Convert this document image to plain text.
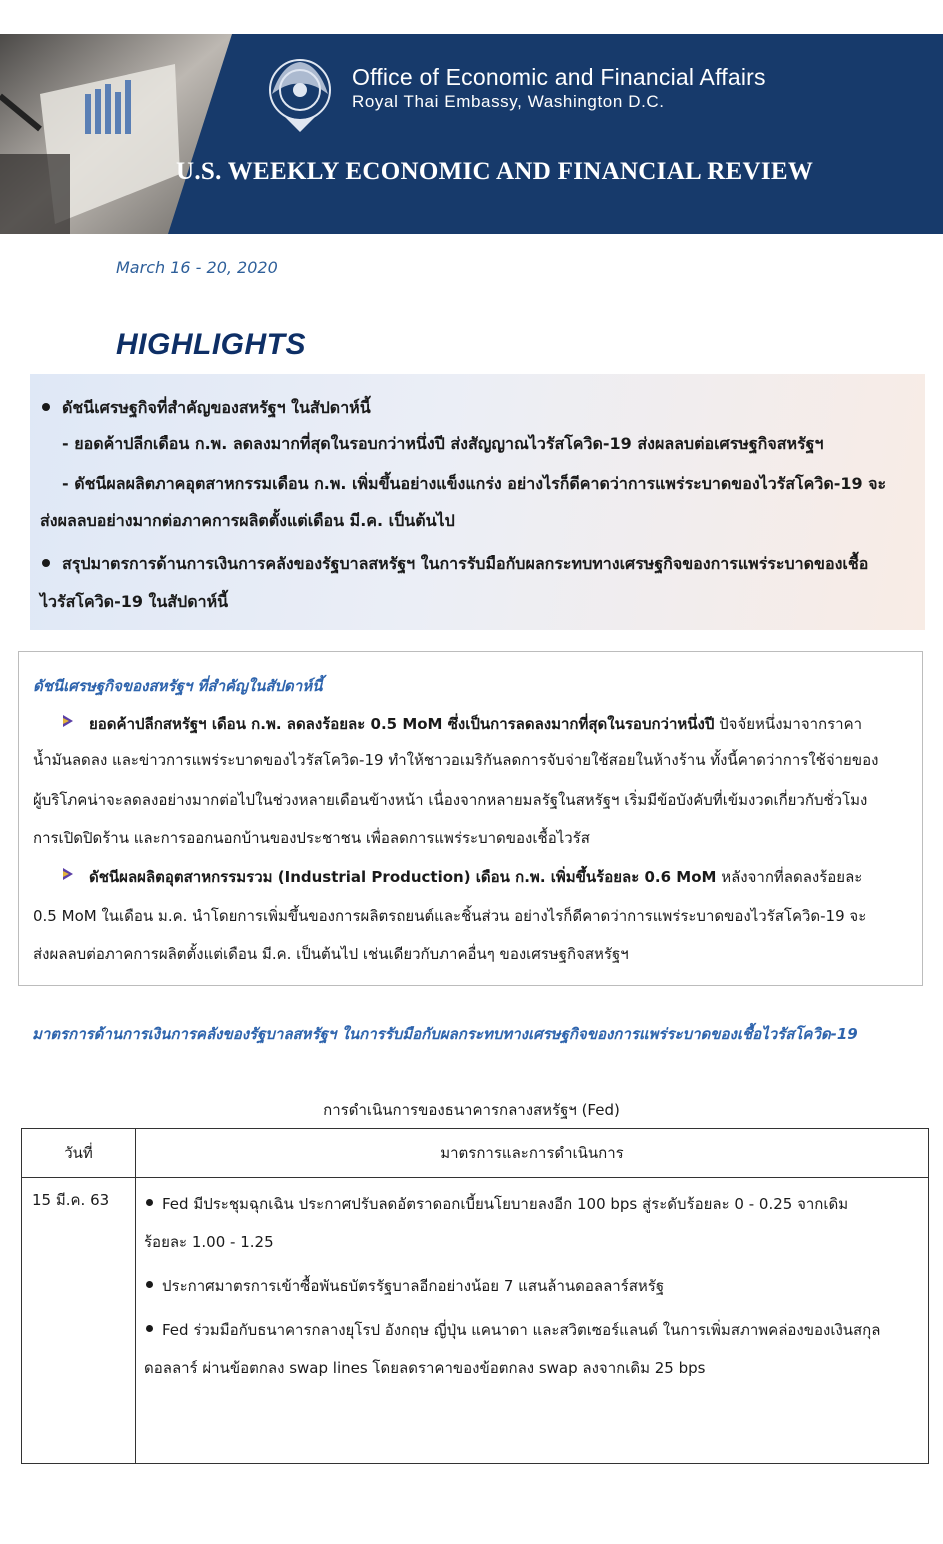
Office of Economic and Financial Affairs
Royal Thai Embassy, Washington D.C.
U.S. WEEKLY ECONOMIC AND FINANCIAL REVIEW
March 16 - 20, 2020
HIGHLIGHTS
ดัชนีเศรษฐกิจที่สำคัญของสหรัฐฯ ในสัปดาห์นี้
- ยอดค้าปลีกเดือน ก.พ. ลดลงมากที่สุดในรอบกว่าหนึ่งปี ส่งสัญญาณไวรัสโควิด-19 ส่งผลลบต่อเศรษฐกิจสหรัฐฯ
- ดัชนีผลผลิตภาคอุตสาหกรรมเดือน ก.พ. เพิ่มขึ้นอย่างแข็งแกร่ง อย่างไรก็ดีคาดว่าการแพร่ระบาดของไวรัสโควิด-19 จะ
ส่งผลลบอย่างมากต่อภาคการผลิตตั้งแต่เดือน มี.ค. เป็นต้นไป
สรุปมาตรการด้านการเงินการคลังของรัฐบาลสหรัฐฯ ในการรับมือกับผลกระทบทางเศรษฐกิจของการแพร่ระบาดของเชื้อ
ไวรัสโควิด-19 ในสัปดาห์นี้
ดัชนีเศรษฐกิจของสหรัฐฯ ที่สำคัญในสัปดาห์นี้
ยอดค้าปลีกสหรัฐฯ เดือน ก.พ. ลดลงร้อยละ 0.5 MoM ซึ่งเป็นการลดลงมากที่สุดในรอบกว่าหนึ่งปี ปัจจัยหนึ่งมาจากราคา
น้ำมันลดลง และข่าวการแพร่ระบาดของไวรัสโควิด-19 ทำให้ชาวอเมริกันลดการจับจ่ายใช้สอยในห้างร้าน ทั้งนี้คาดว่าการใช้จ่ายของ
ผู้บริโภคน่าจะลดลงอย่างมากต่อไปในช่วงหลายเดือนข้างหน้า เนื่องจากหลายมลรัฐในสหรัฐฯ เริ่มมีข้อบังคับที่เข้มงวดเกี่ยวกับชั่วโมง
การเปิดปิดร้าน และการออกนอกบ้านของประชาชน เพื่อลดการแพร่ระบาดของเชื้อไวรัส
ดัชนีผลผลิตอุตสาหกรรมรวม (Industrial Production) เดือน ก.พ. เพิ่มขึ้นร้อยละ 0.6 MoM หลังจากที่ลดลงร้อยละ
0.5 MoM ในเดือน ม.ค. นำโดยการเพิ่มขึ้นของการผลิตรถยนต์และชิ้นส่วน อย่างไรก็ดีคาดว่าการแพร่ระบาดของไวรัสโควิด-19 จะ
ส่งผลลบต่อภาคการผลิตตั้งแต่เดือน มี.ค. เป็นต้นไป เช่นเดียวกับภาคอื่นๆ ของเศรษฐกิจสหรัฐฯ
มาตรการด้านการเงินการคลังของรัฐบาลสหรัฐฯ ในการรับมือกับผลกระทบทางเศรษฐกิจของการแพร่ระบาดของเชื้อไวรัสโควิด-19
การดำเนินการของธนาคารกลางสหรัฐฯ (Fed)
วันที่	มาตรการและการดำเนินการ
15 มี.ค. 63	Fed มีประชุมฉุกเฉิน ประกาศปรับลดอัตราดอกเบี้ยนโยบายลงอีก 100 bps สู่ระดับร้อยละ 0 - 0.25 จากเดิม
ร้อยละ 1.00 - 1.25
ประกาศมาตรการเข้าซื้อพันธบัตรรัฐบาลอีกอย่างน้อย 7 แสนล้านดอลลาร์สหรัฐ
Fed ร่วมมือกับธนาคารกลางยุโรป อังกฤษ ญี่ปุ่น แคนาดา และสวิตเซอร์แลนด์ ในการเพิ่มสภาพคล่องของเงินสกุล
ดอลลาร์ ผ่านข้อตกลง swap lines โดยลดราคาของข้อตกลง swap ลงจากเดิม 25 bps
